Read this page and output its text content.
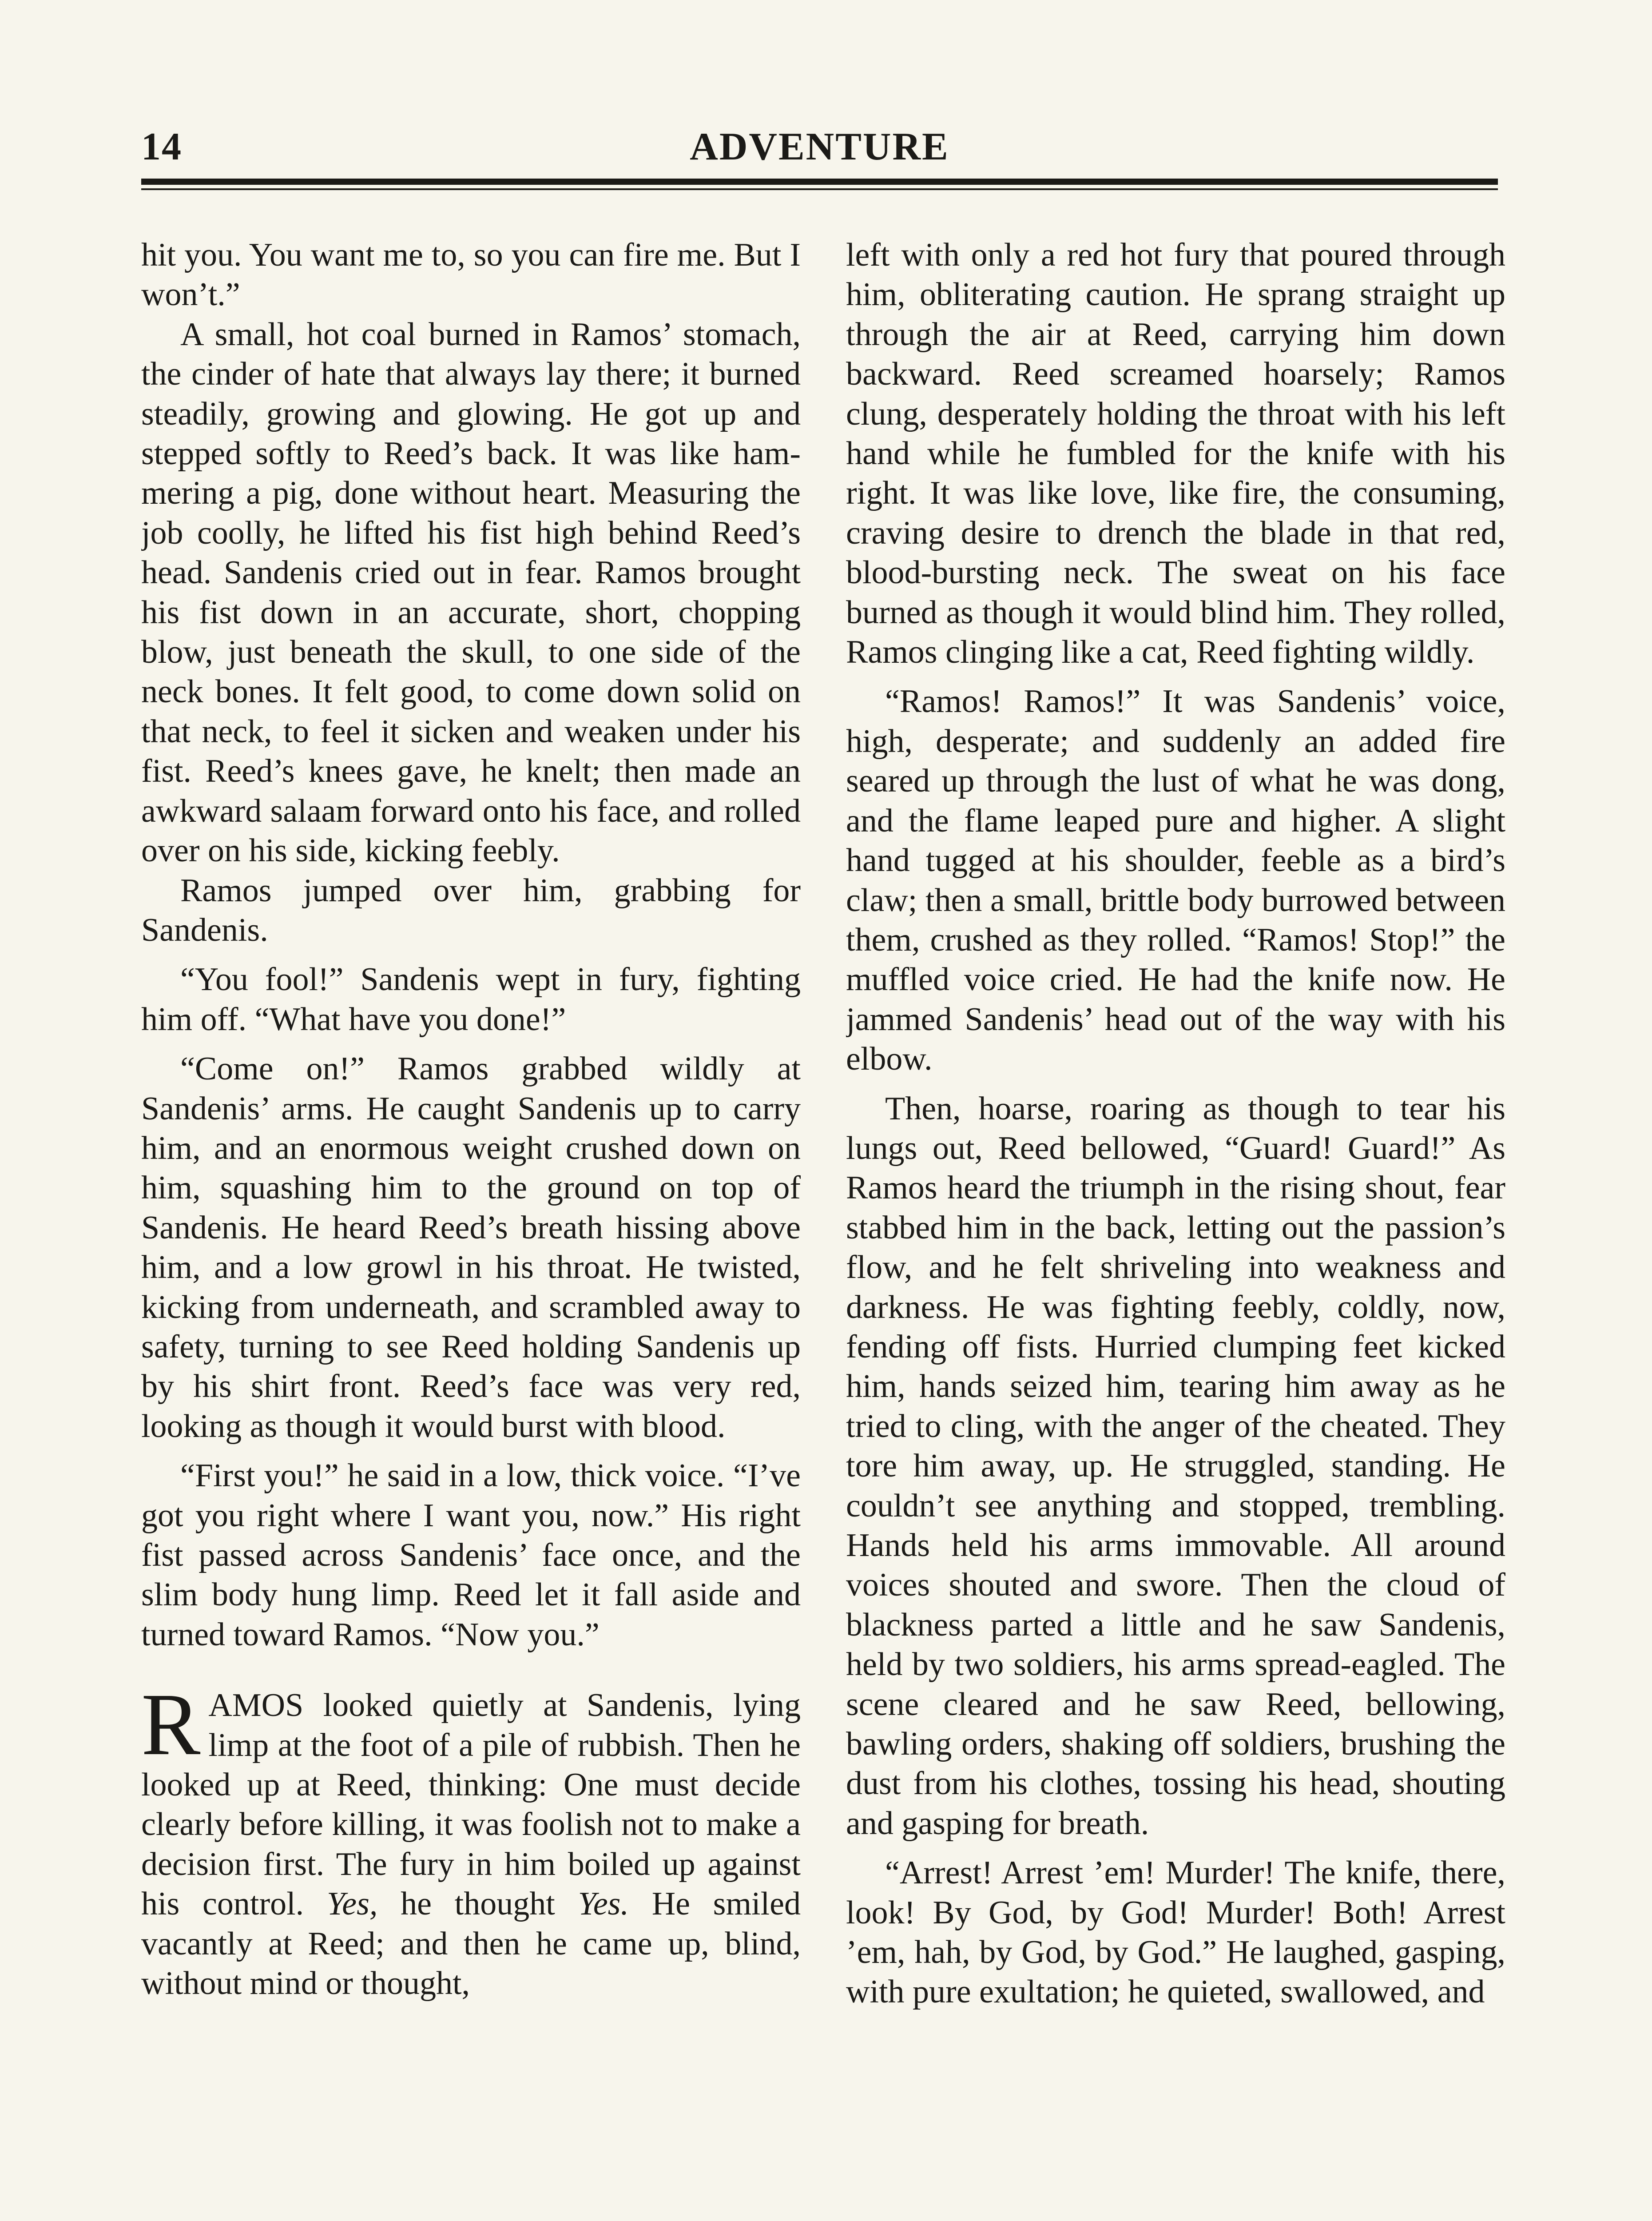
14	ADVENTURE

hit you. You want me to, so you can fire me. But I won’t.”

A small, hot coal burned in Ramos’ stomach, the cinder of hate that always lay there; it burned steadily, growing and glowing. He got up and stepped softly to Reed’s back. It was like hammering a pig, done without heart. Measuring the job coolly, he lifted his fist high behind Reed’s head. Sandenis cried out in fear. Ramos brought his fist down in an accurate, short, chopping blow, just beneath the skull, to one side of the neck bones. It felt good, to come down solid on that neck, to feel it sicken and weaken under his fist. Reed’s knees gave, he knelt; then made an awkward salaam forward onto his face, and rolled over on his side, kicking feebly.

Ramos jumped over him, grabbing for Sandenis.

“You fool!” Sandenis wept in fury, fighting him off. “What have you done!”

“Come on!” Ramos grabbed wildly at Sandenis’ arms. He caught Sandenis up to carry him, and an enormous weight crushed down on him, squashing him to the ground on top of Sandenis. He heard Reed’s breath hissing above him, and a low growl in his throat. He twisted, kicking from underneath, and scrambled away to safety, turning to see Reed holding Sandenis up by his shirt front. Reed’s face was very red, looking as though it would burst with blood.

“First you!” he said in a low, thick voice. “I’ve got you right where I want you, now.” His right fist passed across Sandenis’ face once, and the slim body hung limp. Reed let it fall aside and turned toward Ramos. “Now you.”

RAMOS looked quietly at Sandenis, lying limp at the foot of a pile of rubbish. Then he looked up at Reed, thinking: One must decide clearly before killing, it was foolish not to make a decision first. The fury in him boiled up against his control. Yes, he thought Yes. He smiled vacantly at Reed; and then he came up, blind, without mind or thought,

left with only a red hot fury that poured through him, obliterating caution. He sprang straight up through the air at Reed, carrying him down backward. Reed screamed hoarsely; Ramos clung, desperately holding the throat with his left hand while he fumbled for the knife with his right. It was like love, like fire, the consuming, craving desire to drench the blade in that red, blood-bursting neck. The sweat on his face burned as though it would blind him. They rolled, Ramos clinging like a cat, Reed fighting wildly.

“Ramos! Ramos!” It was Sandenis’ voice, high, desperate; and suddenly an added fire seared up through the lust of what he was dong, and the flame leaped pure and higher. A slight hand tugged at his shoulder, feeble as a bird’s claw; then a small, brittle body burrowed between them, crushed as they rolled. “Ramos! Stop!” the muffled voice cried. He had the knife now. He jammed Sandenis’ head out of the way with his elbow.

Then, hoarse, roaring as though to tear his lungs out, Reed bellowed, “Guard! Guard!” As Ramos heard the triumph in the rising shout, fear stabbed him in the back, letting out the passion’s flow, and he felt shriveling into weakness and darkness. He was fighting feebly, coldly, now, fending off fists. Hurried clumping feet kicked him, hands seized him, tearing him away as he tried to cling, with the anger of the cheated. They tore him away, up. He struggled, standing. He couldn’t see anything and stopped, trembling. Hands held his arms immovable. All around voices shouted and swore. Then the cloud of blackness parted a little and he saw Sandenis, held by two soldiers, his arms spread-eagled. The scene cleared and he saw Reed, bellowing, bawling orders, shaking off soldiers, brushing the dust from his clothes, tossing his head, shouting and gasping for breath.

“Arrest! Arrest ’em! Murder! The knife, there, look! By God, by God! Murder! Both! Arrest ’em, hah, by God, by God.” He laughed, gasping, with pure exultation; he quieted, swallowed, and
